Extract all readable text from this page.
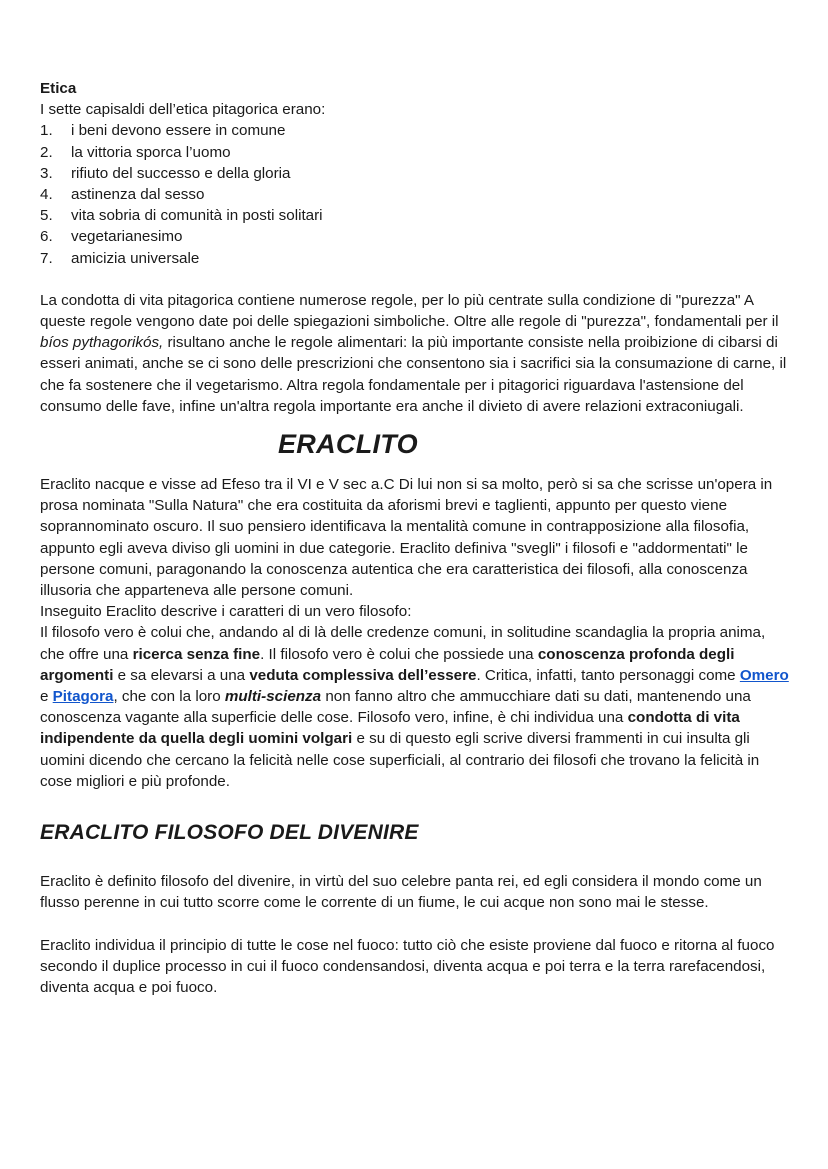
Etica

I sette capisaldi dell’etica pitagorica erano:

1. i beni devono essere in comune
2. la vittoria sporca l’uomo
3. rifiuto del successo e della gloria
4. astinenza dal sesso
5. vita sobria di comunità in posti solitari
6. vegetarianesimo
7. amicizia universale

La condotta di vita pitagorica contiene numerose regole, per lo più centrate sulla condizione di "purezza" A queste regole vengono date poi delle spiegazioni simboliche. Oltre alle regole di "purezza", fondamentali per il bíos pythagorikós, risultano anche le regole alimentari: la più importante consiste nella proibizione di cibarsi di esseri animati, anche se ci sono delle prescrizioni che consentono sia i sacrifici sia la consumazione di carne, il che fa sostenere che il vegetarismo. Altra regola fondamentale per i pitagorici riguardava l'astensione del consumo delle fave, infine un'altra regola importante era anche il divieto di avere relazioni extraconiugali.

ERACLITO

Eraclito nacque e visse ad Efeso tra il VI e V sec a.C Di lui non si sa molto, però si sa che scrisse un'opera in prosa nominata "Sulla Natura" che era costituita da aforismi brevi e taglienti, appunto per questo viene soprannominato oscuro. Il suo pensiero identificava la mentalità comune in contrapposizione alla filosofia, appunto egli aveva diviso gli uomini in due categorie. Eraclito definiva "svegli" i filosofi e "addormentati" le persone comuni, paragonando la conoscenza autentica che era caratteristica dei filosofi, alla conoscenza illusoria che apparteneva alle persone comuni.

Inseguito Eraclito descrive i caratteri di un vero filosofo:

Il filosofo vero è colui che, andando al di là delle credenze comuni, in solitudine scandaglia la propria anima, che offre una ricerca senza fine. Il filosofo vero è colui che possiede una conoscenza profonda degli argomenti e sa elevarsi a una veduta complessiva dell’essere. Critica, infatti, tanto personaggi come Omero e Pitagora, che con la loro multi-scienza non fanno altro che ammucchiare dati su dati, mantenendo una conoscenza vagante alla superficie delle cose. Filosofo vero, infine, è chi individua una condotta di vita indipendente da quella degli uomini volgari e su di questo egli scrive diversi frammenti in cui insulta gli uomini dicendo che cercano la felicità nelle cose superficiali, al contrario dei filosofi che trovano la felicità in cose migliori e più profonde.

ERACLITO FILOSOFO DEL DIVENIRE

Eraclito è definito filosofo del divenire, in virtù del suo celebre panta rei, ed egli considera il mondo come un flusso perenne in cui tutto scorre come le corrente di un fiume, le cui acque non sono mai le stesse.

Eraclito individua il principio di tutte le cose nel fuoco: tutto ciò che esiste proviene dal fuoco e ritorna al fuoco secondo il duplice processo in cui il fuoco condensandosi, diventa acqua e poi terra e la terra rarefacendosi, diventa acqua e poi fuoco.
